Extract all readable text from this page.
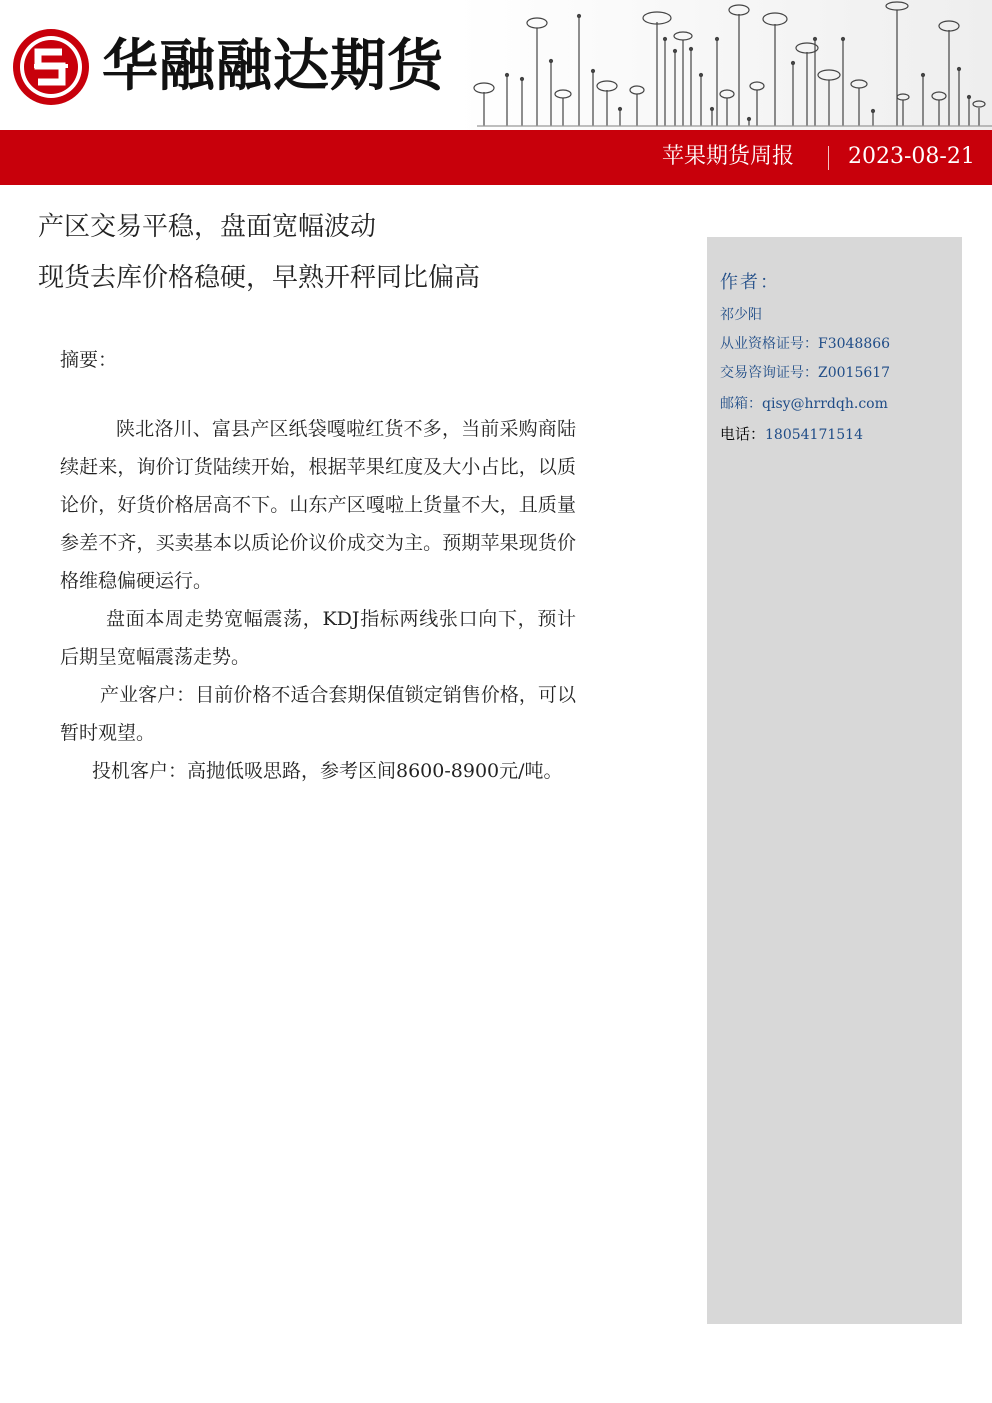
华融融达期货
苹果期货周报 2023-08-21
产区交易平稳，盘面宽幅波动
现货去库价格稳硬，早熟开秤同比偏高
摘要：

陕北洛川、富县产区纸袋嘎啦红货不多，当前采购商陆续赶来，询价订货陆续开始，根据苹果红度及大小占比，以质论价，好货价格居高不下。山东产区嘎啦上货量不大，且质量参差不齐，买卖基本以质论价议价成交为主。预期苹果现货价格维稳偏硬运行。

盘面本周走势宽幅震荡，KDJ指标两线张口向下，预计后期呈宽幅震荡走势。

产业客户：目前价格不适合套期保值锁定销售价格，可以暂时观望。

投机客户：高抛低吸思路，参考区间8600-8900元/吨。

作者：
祁少阳
从业资格证号：F3048866
交易咨询证号：Z0015617
邮箱：qisy@hrrdqh.com
电话：18054171514
